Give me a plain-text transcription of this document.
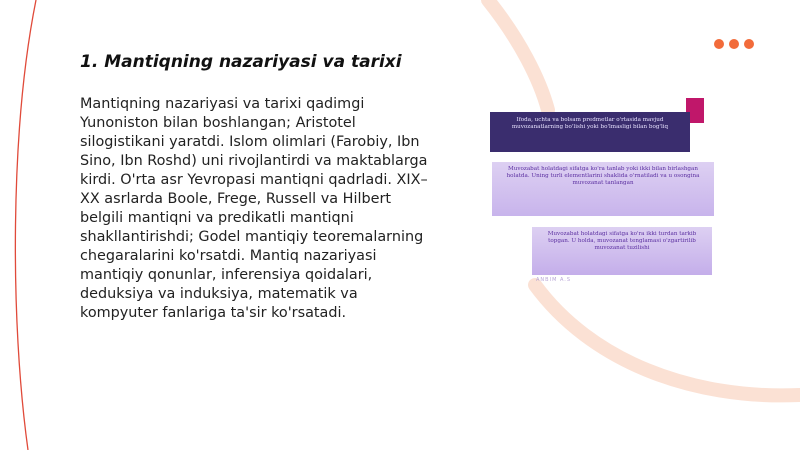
1. Mantiqning nazariyasi va tarixi

Mantiqning nazariyasi va tarixi qadimgi Yunoniston bilan boshlangan; Aristotel silogistikani yaratdi. Islom olimlari (Farobiy, Ibn Sino, Ibn Roshd) uni rivojlantirdi va maktablarga kirdi. O'rta asr Yevropasi mantiqni qadrladi. XIX–XX asrlarda Boole, Frege, Russell va Hilbert belgili mantiqni va predikatli mantiqni shakllantirishdi; Godel mantiqiy teoremalarning chegaralarini ko'rsatdi. Mantiq nazariyasi mantiqiy qonunlar, inferensiya qoidalari, deduksiya va induksiya, matematik va kompyuter fanlariga ta'sir ko'rsatadi.

Ifoda, uchta va bolsam predmetlar o'rtasida mavjud muvozanatlarning bo'lishi yoki bo'lmasligi bilan bog'liq
Muvozabat holatdagi sifatga ko'ra tanlab yoki ikki bilan birlashgan holatda. Uning turli elementlarini shaklida o'rnatiladi va u osongina muvozanat tanlangan
Muvozabat holatdagi sifatga ko'ra ikki turdan tarkib topgan. U holda, muvozanat tenglamasi o'zgartirilib muvozanat tuzilishi
ANBIM A.S
